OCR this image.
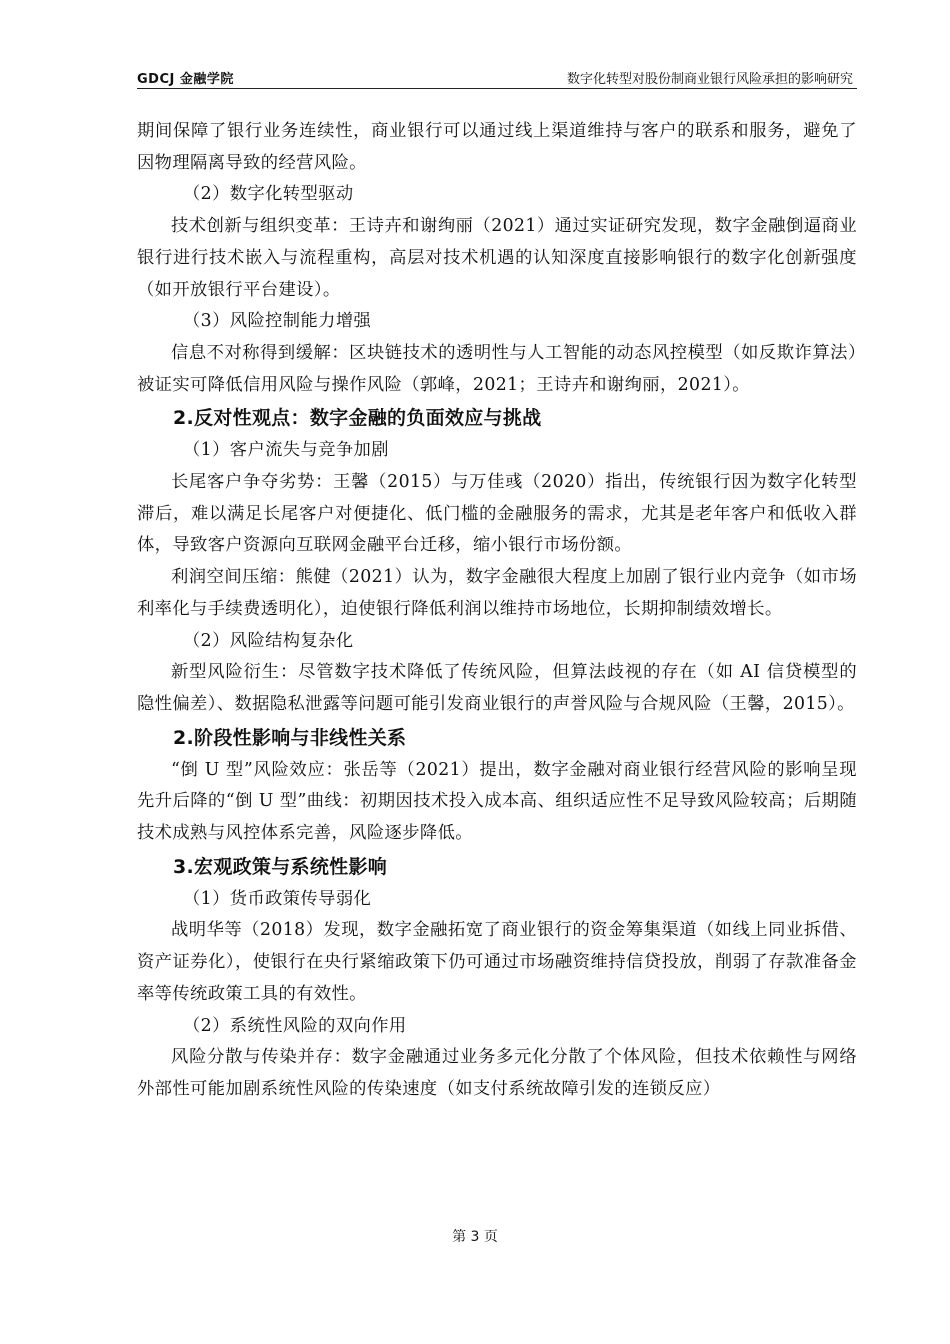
GDCJ 金融学院	数字化转型对股份制商业银行风险承担的影响研究

期间保障了银行业务连续性，商业银行可以通过线上渠道维持与客户的联系和服务，避免了因物理隔离导致的经营风险。

（2）数字化转型驱动

技术创新与组织变革：王诗卉和谢绚丽（2021）通过实证研究发现，数字金融倒逼商业银行进行技术嵌入与流程重构，高层对技术机遇的认知深度直接影响银行的数字化创新强度（如开放银行平台建设）。

（3）风险控制能力增强

信息不对称得到缓解：区块链技术的透明性与人工智能的动态风控模型（如反欺诈算法）被证实可降低信用风险与操作风险（郭峰，2021；王诗卉和谢绚丽，2021）。

2.反对性观点：数字金融的负面效应与挑战

（1）客户流失与竞争加剧

长尾客户争夺劣势：王馨（2015）与万佳彧（2020）指出，传统银行因为数字化转型滞后，难以满足长尾客户对便捷化、低门槛的金融服务的需求，尤其是老年客户和低收入群体，导致客户资源向互联网金融平台迁移，缩小银行市场份额。

利润空间压缩：熊健（2021）认为，数字金融很大程度上加剧了银行业内竞争（如市场利率化与手续费透明化），迫使银行降低利润以维持市场地位，长期抑制绩效增长。

（2）风险结构复杂化

新型风险衍生：尽管数字技术降低了传统风险，但算法歧视的存在（如 AI 信贷模型的隐性偏差）、数据隐私泄露等问题可能引发商业银行的声誉风险与合规风险（王馨，2015）。

2.阶段性影响与非线性关系

“倒 U 型”风险效应：张岳等（2021）提出，数字金融对商业银行经营风险的影响呈现先升后降的“倒 U 型”曲线：初期因技术投入成本高、组织适应性不足导致风险较高；后期随技术成熟与风控体系完善，风险逐步降低。

3.宏观政策与系统性影响

（1）货币政策传导弱化

战明华等（2018）发现，数字金融拓宽了商业银行的资金筹集渠道（如线上同业拆借、资产证券化），使银行在央行紧缩政策下仍可通过市场融资维持信贷投放，削弱了存款准备金率等传统政策工具的有效性。

（2）系统性风险的双向作用

风险分散与传染并存：数字金融通过业务多元化分散了个体风险，但技术依赖性与网络外部性可能加剧系统性风险的传染速度（如支付系统故障引发的连锁反应）

第 3 页
